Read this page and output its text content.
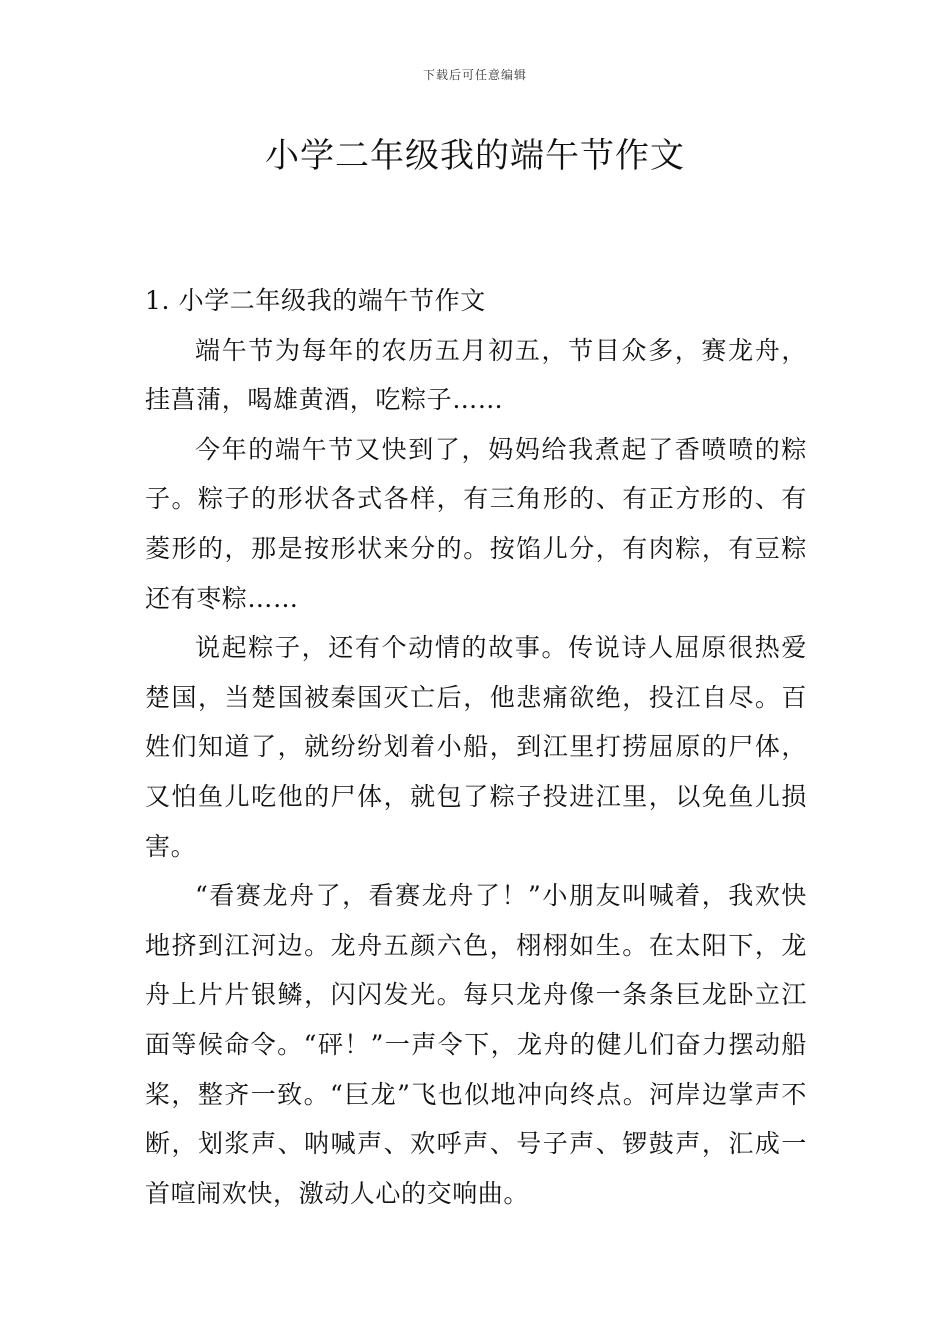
下载后可任意编辑
小学二年级我的端午节作文

1. 小学二年级我的端午节作文

端午节为每年的农历五月初五，节目众多，赛龙舟，挂菖蒲，喝雄黄酒，吃粽子……

今年的端午节又快到了，妈妈给我煮起了香喷喷的粽子。粽子的形状各式各样，有三角形的、有正方形的、有菱形的，那是按形状来分的。按馅儿分，有肉粽，有豆粽还有枣粽……

说起粽子，还有个动情的故事。传说诗人屈原很热爱楚国，当楚国被秦国灭亡后，他悲痛欲绝，投江自尽。百姓们知道了，就纷纷划着小船，到江里打捞屈原的尸体，又怕鱼儿吃他的尸体，就包了粽子投进江里，以免鱼儿损害。

“看赛龙舟了，看赛龙舟了！”小朋友叫喊着，我欢快地挤到江河边。龙舟五颜六色，栩栩如生。在太阳下，龙舟上片片银鳞，闪闪发光。每只龙舟像一条条巨龙卧立江面等候命令。“砰！”一声令下，龙舟的健儿们奋力摆动船桨，整齐一致。“巨龙”飞也似地冲向终点。河岸边掌声不断，划浆声、呐喊声、欢呼声、号子声、锣鼓声，汇成一首喧闹欢快，激动人心的交响曲。
